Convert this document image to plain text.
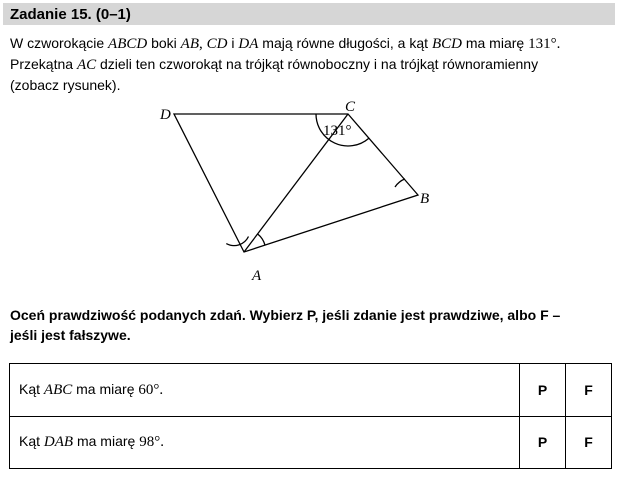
Zadanie 15. (0–1)

W czworokącie ABCD boki AB, CD i DA mają równe długości, a kąt BCD ma miarę 131°.

Przekątna AC dzieli ten czworokąt na trójkąt równoboczny i na trójkąt równoramienny

(zobacz rysunek).

D	C
B
A
131°
Oceń prawdziwość podanych zdań. Wybierz P, jeśli zdanie jest prawdziwe, albo F –
jeśli jest fałszywe.
Kąt ABC ma miarę 60°.	P	F
Kąt DAB ma miarę 98°.	P	F
